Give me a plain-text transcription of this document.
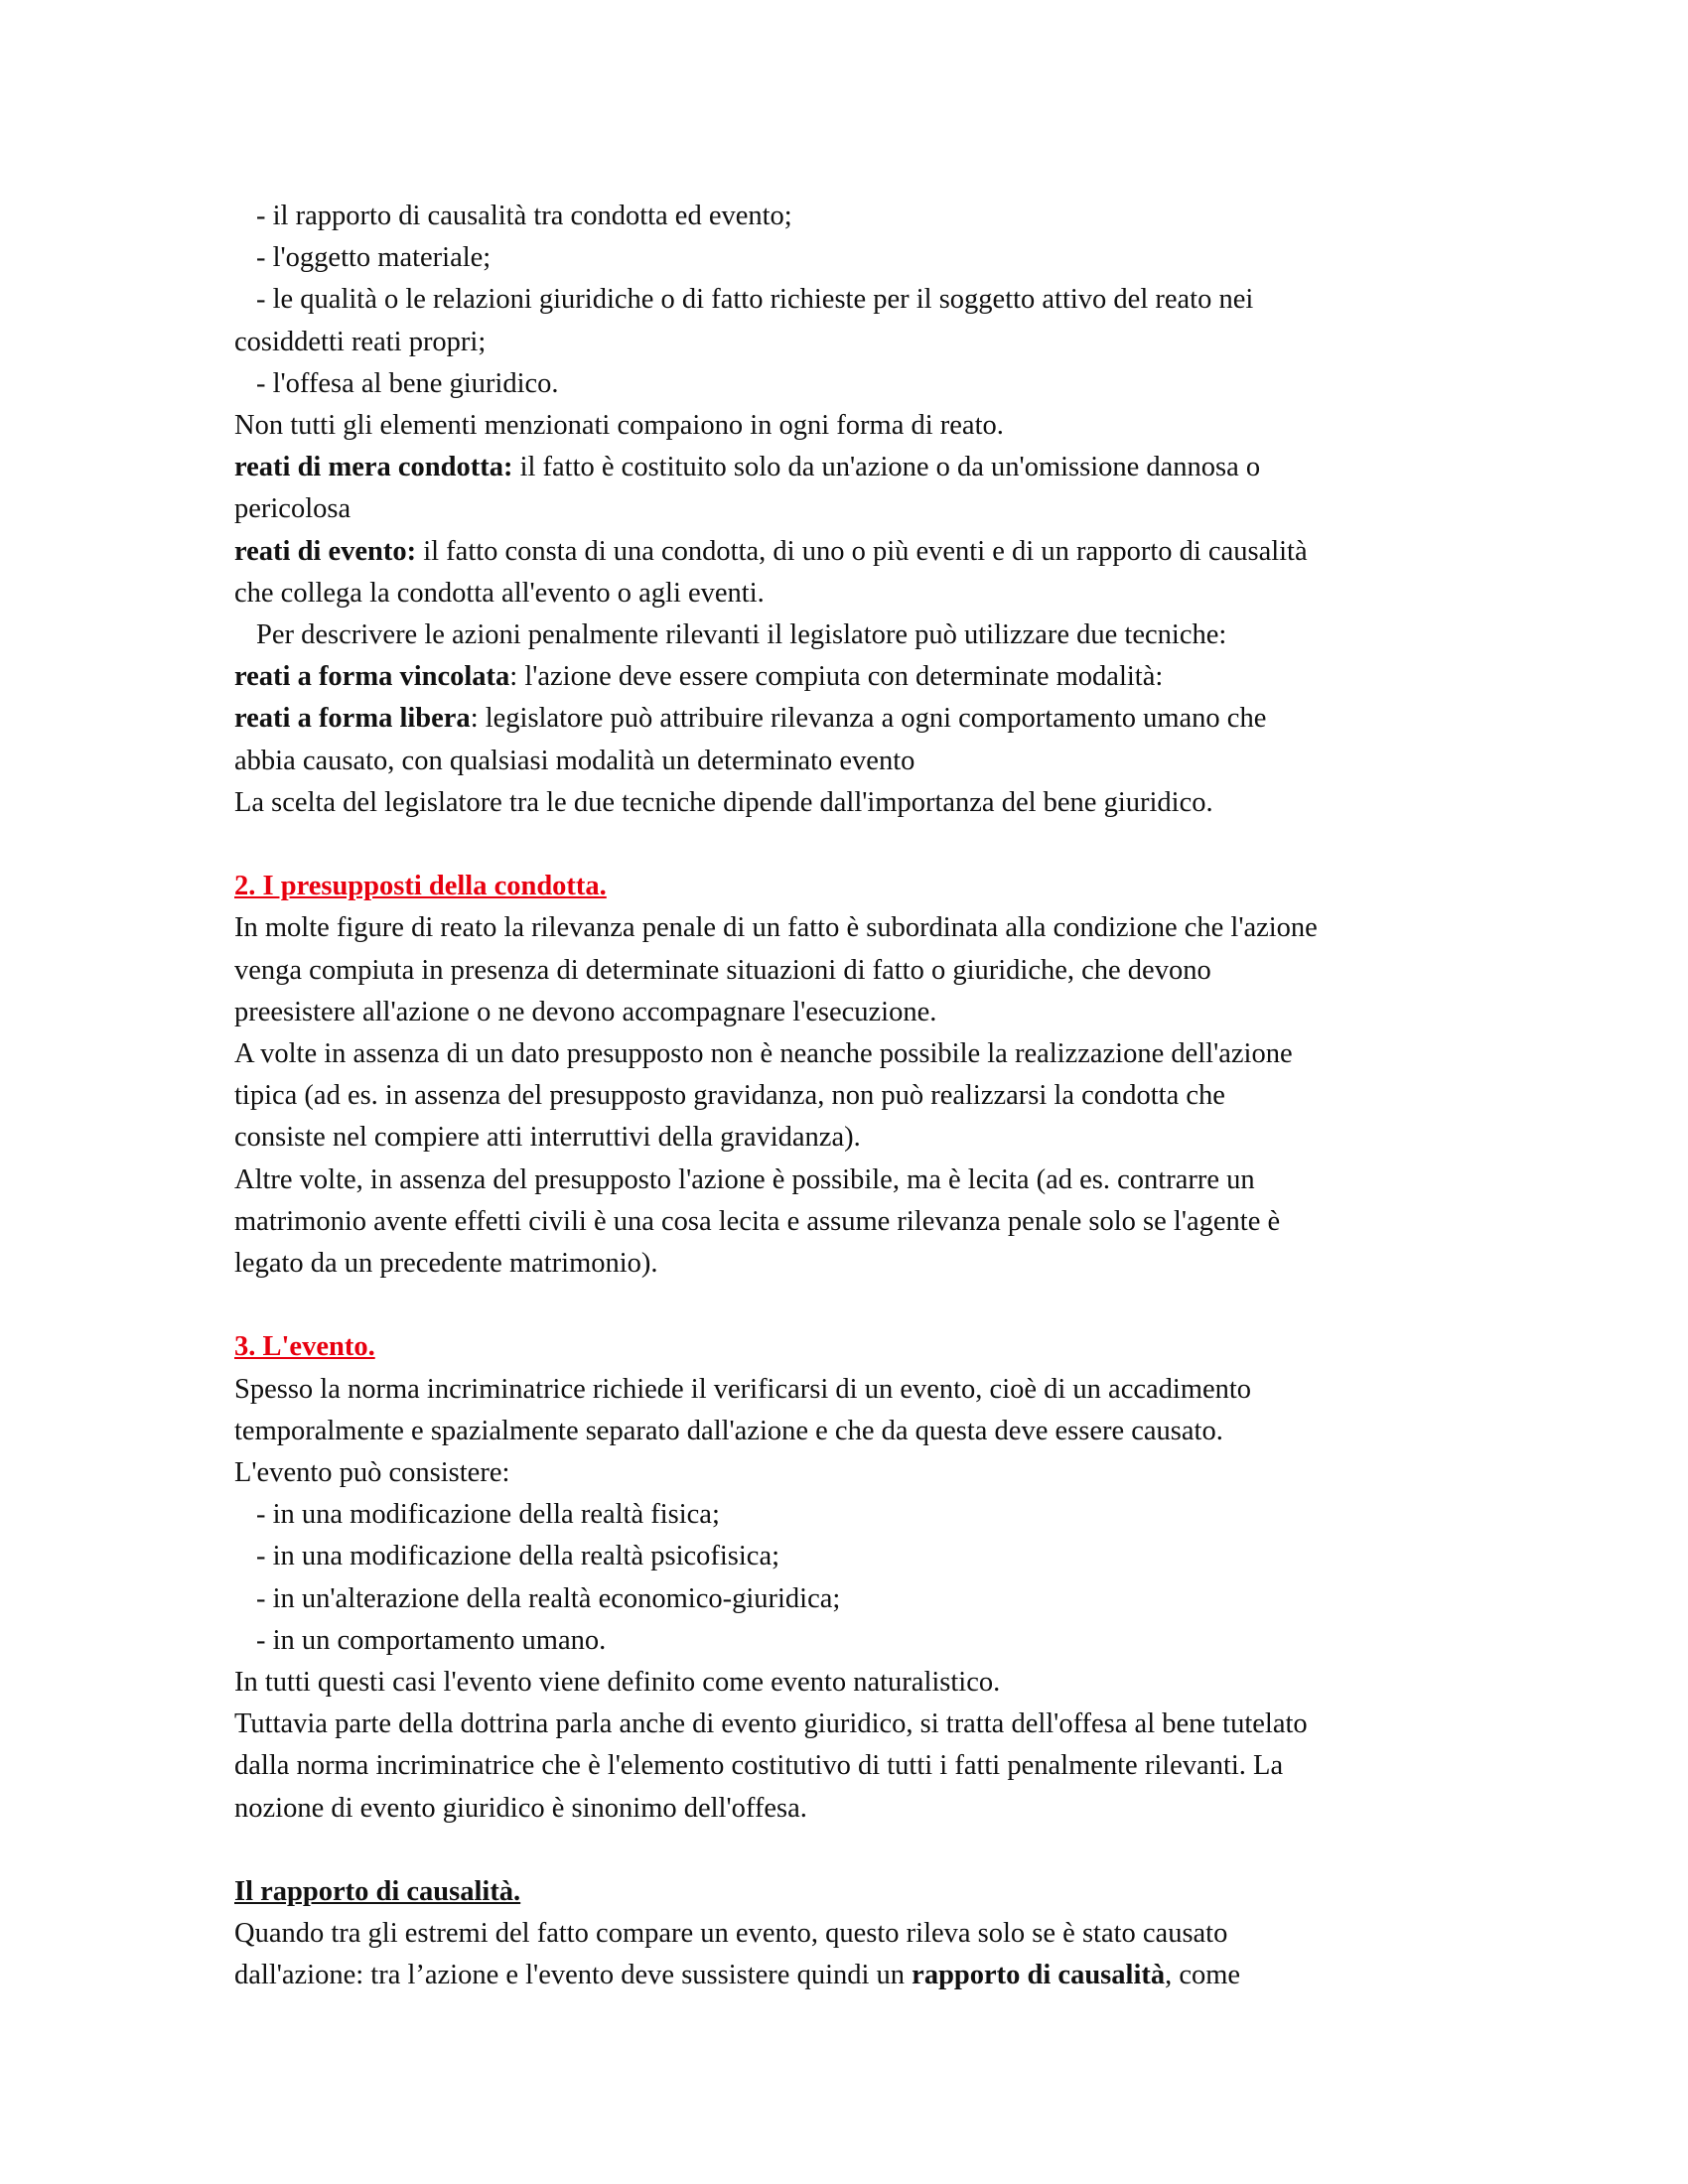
- il rapporto di causalità tra condotta ed evento;

- l'oggetto materiale;

- le qualità o le relazioni giuridiche o di fatto richieste per il soggetto attivo del reato nei

cosiddetti reati propri;

- l'offesa al bene giuridico.

Non tutti gli elementi menzionati compaiono in ogni forma di reato.

reati di mera condotta: il fatto è costituito solo da un'azione o da un'omissione dannosa o

pericolosa

reati di evento: il fatto consta di una condotta, di uno o più eventi e di un rapporto di causalità

che collega la condotta all'evento o agli eventi.

Per descrivere le azioni penalmente rilevanti il legislatore può utilizzare due tecniche:

reati a forma vincolata: l'azione deve essere compiuta con determinate modalità:

reati a forma libera: legislatore può attribuire rilevanza a ogni comportamento umano che

abbia causato, con qualsiasi modalità un determinato evento

La scelta del legislatore tra le due tecniche dipende dall'importanza del bene giuridico.

2. I presupposti della condotta.

In molte figure di reato la rilevanza penale di un fatto è subordinata alla condizione che l'azione

venga compiuta in presenza di determinate situazioni di fatto o giuridiche, che devono

preesistere all'azione o ne devono accompagnare l'esecuzione.

A volte in assenza di un dato presupposto non è neanche possibile la realizzazione dell'azione

tipica (ad es. in assenza del presupposto gravidanza, non può realizzarsi la condotta che

consiste nel compiere atti interruttivi della gravidanza).

Altre volte, in assenza del presupposto l'azione è possibile, ma è lecita (ad es. contrarre un

matrimonio avente effetti civili è una cosa lecita e assume rilevanza penale solo se l'agente è

legato da un precedente matrimonio).

3. L'evento.

Spesso la norma incriminatrice richiede il verificarsi di un evento, cioè di un accadimento

temporalmente e spazialmente separato dall'azione e che da questa deve essere causato.

L'evento può consistere:

- in una modificazione della realtà fisica;

- in una modificazione della realtà psicofisica;

- in un'alterazione della realtà economico-giuridica;

- in un comportamento umano.

In tutti questi casi l'evento viene definito come evento naturalistico.

Tuttavia parte della dottrina parla anche di evento giuridico, si tratta dell'offesa al bene tutelato

dalla norma incriminatrice che è l'elemento costitutivo di tutti i fatti penalmente rilevanti. La

nozione di evento giuridico è sinonimo dell'offesa.

Il rapporto di causalità.

Quando tra gli estremi del fatto compare un evento, questo rileva solo se è stato causato

dall'azione: tra l’azione e l'evento deve sussistere quindi un rapporto di causalità, come
